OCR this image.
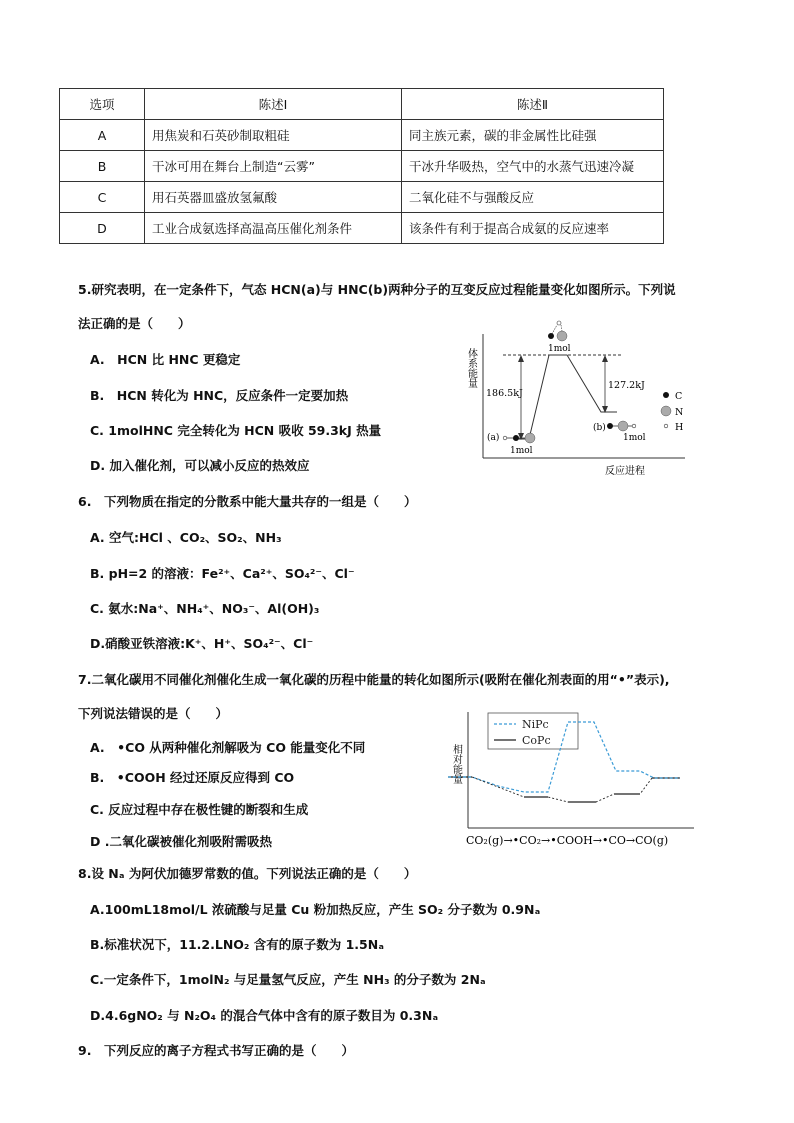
选项	陈述Ⅰ	陈述Ⅱ
A	用焦炭和石英砂制取粗硅	同主族元素，碳的非金属性比硅强
B	干冰可用在舞台上制造“云雾”	干冰升华吸热，空气中的水蒸气迅速冷凝
C	用石英器皿盛放氢氟酸	二氧化硅不与强酸反应
D	工业合成氨选择高温高压催化剂条件	该条件有利于提高合成氨的反应速率
5.研究表明，在一定条件下，气态 HCN(a)与 HNC(b)两种分子的互变反应过程能量变化如图所示。下列说
法正确的是（　　）
A.　HCN 比 HNC 更稳定
B.　HCN 转化为 HNC，反应条件一定要加热
C. 1molHNC 完全转化为 HCN 吸收 59.3kJ 热量
D. 加入催化剂，可以减小反应的热效应
体系能量
反应进程
186.5kJ
127.2kJ
1mol
(a)
1mol
(b)
1mol
C
N
H
6.　下列物质在指定的分散系中能大量共存的一组是（　　）
A. 空气:HCl 、CO₂、SO₂、NH₃
B. pH=2 的溶液：Fe²⁺、Ca²⁺、SO₄²⁻、Cl⁻
C. 氨水:Na⁺、NH₄⁺、NO₃⁻、Al(OH)₃
D.硝酸亚铁溶液:K⁺、H⁺、SO₄²⁻、Cl⁻
7.二氧化碳用不同催化剂催化生成一氧化碳的历程中能量的转化如图所示(吸附在催化剂表面的用“•”表示),
下列说法错误的是（　　）
A.　•CO 从两种催化剂解吸为 CO 能量变化不同
B.　•COOH 经过还原反应得到 CO
C. 反应过程中存在极性键的断裂和生成
D .二氧化碳被催化剂吸附需吸热
相对能量
NiPc
CoPc
CO₂(g)→•CO₂→•COOH→•CO→CO(g)
8.设 Nₐ 为阿伏加德罗常数的值。下列说法正确的是（　　）
A.100mL18mol/L 浓硫酸与足量 Cu 粉加热反应，产生 SO₂ 分子数为 0.9Nₐ
B.标准状况下，11.2.LNO₂ 含有的原子数为 1.5Nₐ
C.一定条件下，1molN₂ 与足量氢气反应，产生 NH₃ 的分子数为 2Nₐ
D.4.6gNO₂ 与 N₂O₄ 的混合气体中含有的原子数目为 0.3Nₐ
9.　下列反应的离子方程式书写正确的是（　　）
